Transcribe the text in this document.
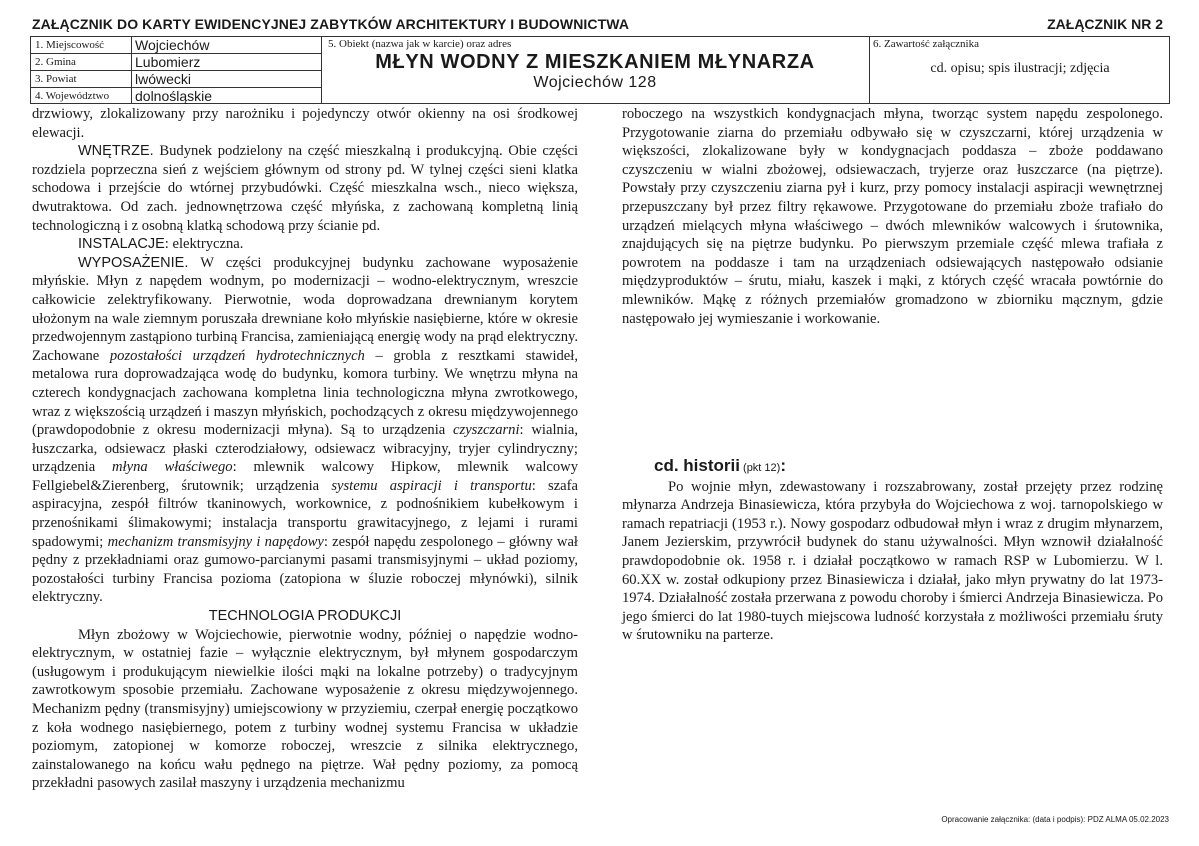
ZAŁĄCZNIK DO KARTY EWIDENCYJNEJ ZABYTKÓW ARCHITEKTURY I BUDOWNICTWA	ZAŁĄCZNIK NR 2
1. Miejscowość Wojciechów
2. Gmina	Lubomierz
3. Powiat	lwówecki
4. Województwo dolnośląskie
5. Obiekt (nazwa jak w karcie) oraz adres
MŁYN WODNY Z MIESZKANIEM MŁYNARZA
Wojciechów 128
6. Zawartość załącznika
cd. opisu; spis ilustracji; zdjęcia

drzwiowy, zlokalizowany przy narożniku i pojedynczy otwór okienny na osi środkowej elewacji.

WNĘTRZE. Budynek podzielony na część mieszkalną i produkcyjną. Obie części rozdziela poprzeczna sień z wejściem głównym od strony pd. W tylnej części sieni klatka schodowa i przejście do wtórnej przybudówki. Część mieszkalna wsch., nieco większa, dwutraktowa. Od zach. jednownętrzowa część młyńska, z zachowaną kompletną linią technologiczną i z osobną klatką schodową przy ścianie pd.

INSTALACJE: elektryczna.

WYPOSAŻENIE. W części produkcyjnej budynku zachowane wyposażenie młyńskie. Młyn z napędem wodnym, po modernizacji – wodno-elektrycznym, wreszcie całkowicie zelektryfikowany. Pierwotnie, woda doprowadzana drewnianym korytem ułożonym na wale ziemnym poruszała drewniane koło młyńskie nasiębierne, które w okresie przedwojennym zastąpiono turbiną Francisa, zamieniającą energię wody na prąd elektryczny. Zachowane pozostałości urządzeń hydrotechnicznych – grobla z resztkami stawideł, metalowa rura doprowadzająca wodę do budynku, komora turbiny. We wnętrzu młyna na czterech kondygnacjach zachowana kompletna linia technologiczna młyna zwrotkowego, wraz z większością urządzeń i maszyn młyńskich, pochodzących z okresu międzywojennego (prawdopodobnie z okresu modernizacji młyna). Są to urządzenia czyszczarni: wialnia, łuszczarka, odsiewacz płaski czterodziałowy, odsiewacz wibracyjny, tryjer cylindryczny; urządzenia młyna właściwego: mlewnik walcowy Hipkow, mlewnik walcowy Fellgiebel&Zierenberg, śrutownik; urządzenia systemu aspiracji i transportu: szafa aspiracyjna, zespół filtrów tkaninowych, workownice, z podnośnikiem kubełkowym i przenośnikami ślimakowymi; instalacja transportu grawitacyjnego, z lejami i rurami spadowymi; mechanizm transmisyjny i napędowy: zespół napędu zespolonego – główny wał pędny z przekładniami oraz gumowo-parcianymi pasami transmisyjnymi – układ poziomy, pozostałości turbiny Francisa pozioma (zatopiona w śluzie roboczej młynówki), silnik elektryczny.

TECHNOLOGIA PRODUKCJI

Młyn zbożowy w Wojciechowie, pierwotnie wodny, później o napędzie wodno-elektrycznym, w ostatniej fazie – wyłącznie elektrycznym, był młynem gospodarczym (usługowym i produkującym niewielkie ilości mąki na lokalne potrzeby) o tradycyjnym zawrotkowym sposobie przemiału. Zachowane wyposażenie z okresu międzywojennego. Mechanizm pędny (transmisyjny) umiejscowiony w przyziemiu, czerpał energię początkowo z koła wodnego nasiębiernego, potem z turbiny wodnej systemu Francisa w układzie poziomym, zatopionej w komorze roboczej, wreszcie z silnika elektrycznego, zainstalowanego na końcu wału pędnego na piętrze. Wał pędny poziomy, za pomocą przekładni pasowych zasilał maszyny i urządzenia mechanizmu

roboczego na wszystkich kondygnacjach młyna, tworząc system napędu zespolonego. Przygotowanie ziarna do przemiału odbywało się w czyszczarni, której urządzenia w większości, zlokalizowane były w kondygnacjach poddasza – zboże poddawano czyszczeniu w wialni zbożowej, odsiewaczach, tryjerze oraz łuszczarce (na piętrze). Powstały przy czyszczeniu ziarna pył i kurz, przy pomocy instalacji aspiracji wewnętrznej przepuszczany był przez filtry rękawowe. Przygotowane do przemiału zboże trafiało do urządzeń mielących młyna właściwego – dwóch mlewników walcowych i śrutownika, znajdujących się na piętrze budynku. Po pierwszym przemiale część mlewa trafiała z powrotem na poddasze i tam na urządzeniach odsiewających następowało odsianie międzyproduktów – śrutu, miału, kaszek i mąki, z których część wracała powtórnie do mlewników. Mąkę z różnych przemiałów gromadzono w zbiorniku mącznym, gdzie następowało jej wymieszanie i workowanie.

cd. historii (pkt 12):

Po wojnie młyn, zdewastowany i rozszabrowany, został przejęty przez rodzinę młynarza Andrzeja Binasiewicza, która przybyła do Wojciechowa z woj. tarnopolskiego w ramach repatriacji (1953 r.). Nowy gospodarz odbudował młyn i wraz z drugim młynarzem, Janem Jezierskim, przywrócił budynek do stanu używalności. Młyn wznowił działalność prawdopodobnie ok. 1958 r. i działał początkowo w ramach RSP w Lubomierzu. W l. 60.XX w. został odkupiony przez Binasiewicza i działał, jako młyn prywatny do lat 1973-1974. Działalność została przerwana z powodu choroby i śmierci Andrzeja Binasiewicza. Po jego śmierci do lat 1980-tuych miejscowa ludność korzystała z możliwości przemiału śruty w śrutowniku na parterze.

Opracowanie załącznika: (data i podpis): PDZ ALMA 05.02.2023
